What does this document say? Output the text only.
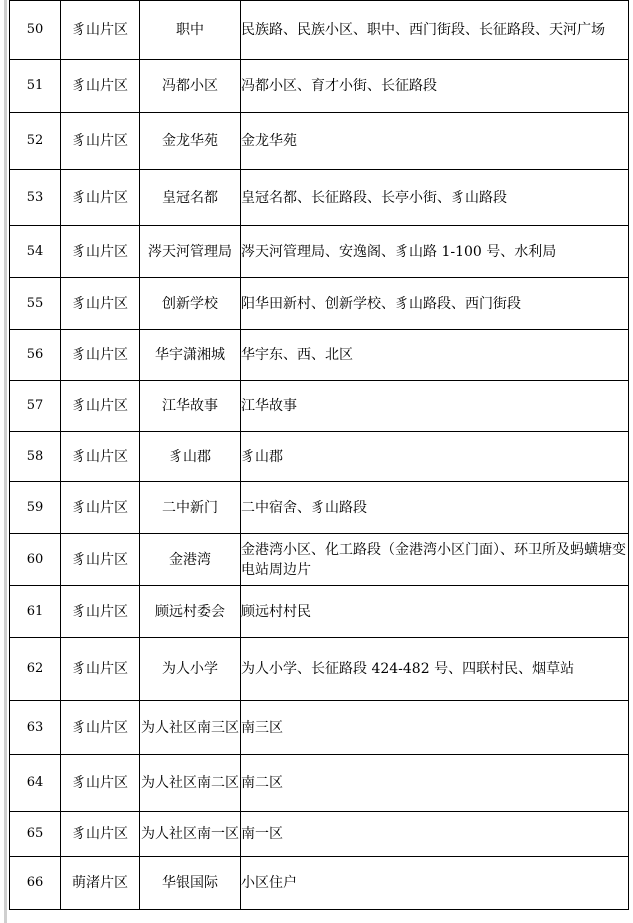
50	豸山片区	职中	民族路、民族小区、职中、西门街段、长征路段、天河广场
51	豸山片区	冯都小区	冯都小区、育才小街、长征路段
52	豸山片区	金龙华苑	金龙华苑
53	豸山片区	皇冠名都	皇冠名都、长征路段、长亭小街、豸山路段
54	豸山片区	涔天河管理局	涔天河管理局、安逸阁、豸山路 1-100 号、水利局
55	豸山片区	创新学校	阳华田新村、创新学校、豸山路段、西门街段
56	豸山片区	华宇潇湘城	华宇东、西、北区
57	豸山片区	江华故事	江华故事
58	豸山片区	豸山郡	豸山郡
59	豸山片区	二中新门	二中宿舍、豸山路段
60	豸山片区	金港湾	金港湾小区、化工路段（金港湾小区门面）、环卫所及蚂蟥塘变电站周边片
61	豸山片区	顾远村委会	顾远村村民
62	豸山片区	为人小学	为人小学、长征路段 424-482 号、四联村民、烟草站
63	豸山片区	为人社区南三区	南三区
64	豸山片区	为人社区南二区	南二区
65	豸山片区	为人社区南一区	南一区
66	萌渚片区	华银国际	小区住户
